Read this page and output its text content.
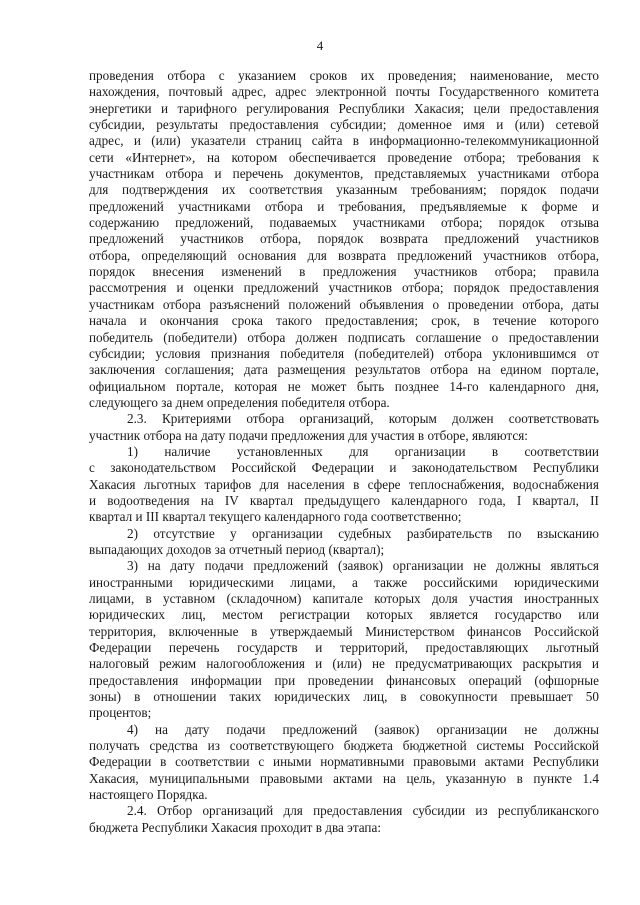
4
проведения отбора с указанием сроков их проведения; наименование, место
нахождения, почтовый адрес, адрес электронной почты Государственного комитета
энергетики и тарифного регулирования Республики Хакасия; цели предоставления
субсидии, результаты предоставления субсидии; доменное имя и (или) сетевой
адрес, и (или) указатели страниц сайта в информационно-телекоммуникационной
сети «Интернет», на котором обеспечивается проведение отбора; требования к
участникам отбора и перечень документов, представляемых участниками отбора
для подтверждения их соответствия указанным требованиям; порядок подачи
предложений участниками отбора и требования, предъявляемые к форме и
содержанию предложений, подаваемых участниками отбора; порядок отзыва
предложений участников отбора, порядок возврата предложений участников
отбора, определяющий основания для возврата предложений участников отбора,
порядок внесения изменений в предложения участников отбора; правила
рассмотрения и оценки предложений участников отбора; порядок предоставления
участникам отбора разъяснений положений объявления о проведении отбора, даты
начала и окончания срока такого предоставления; срок, в течение которого
победитель (победители) отбора должен подписать соглашение о предоставлении
субсидии; условия признания победителя (победителей) отбора уклонившимся от
заключения соглашения; дата размещения результатов отбора на едином портале,
официальном портале, которая не может быть позднее 14-го календарного дня,
следующего за днем определения победителя отбора.
2.3. Критериями отбора организаций, которым должен соответствовать
участник отбора на дату подачи предложения для участия в отборе, являются:
1) наличие установленных для организации в соответствии
с законодательством Российской Федерации и законодательством Республики
Хакасия льготных тарифов для населения в сфере теплоснабжения, водоснабжения
и водоотведения на IV квартал предыдущего календарного года, I квартал, II
квартал и III квартал текущего календарного года соответственно;
2) отсутствие у организации судебных разбирательств по взысканию
выпадающих доходов за отчетный период (квартал);
3) на дату подачи предложений (заявок) организации не должны являться
иностранными юридическими лицами, а также российскими юридическими
лицами, в уставном (складочном) капитале которых доля участия иностранных
юридических лиц, местом регистрации которых является государство или
территория, включенные в утверждаемый Министерством финансов Российской
Федерации перечень государств и территорий, предоставляющих льготный
налоговый режим налогообложения и (или) не предусматривающих раскрытия и
предоставления информации при проведении финансовых операций (офшорные
зоны) в отношении таких юридических лиц, в совокупности превышает 50
процентов;
4) на дату подачи предложений (заявок) организации не должны
получать средства из соответствующего бюджета бюджетной системы Российской
Федерации в соответствии с иными нормативными правовыми актами Республики
Хакасия, муниципальными правовыми актами на цель, указанную в пункте 1.4
настоящего Порядка.
2.4. Отбор организаций для предоставления субсидии из республиканского
бюджета Республики Хакасия проходит в два этапа:
